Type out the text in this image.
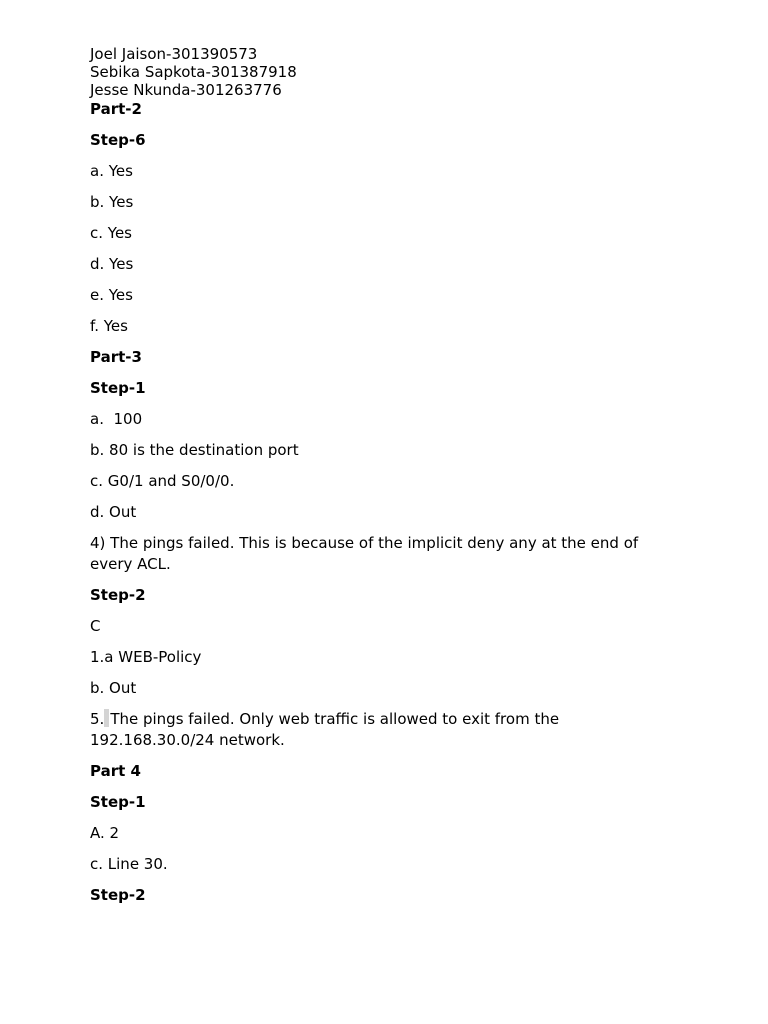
Joel Jaison-301390573

Sebika Sapkota-301387918

Jesse Nkunda-301263776

Part-2

Step-6

a. Yes

b. Yes

c. Yes

d. Yes

e. Yes

f. Yes

Part-3

Step-1

a.  100

b. 80 is the destination port

c. G0/1 and S0/0/0.

d. Out

4) The pings failed. This is because of the implicit deny any at the end of every ACL.

Step-2

C

1.a WEB-Policy

b. Out

5. The pings failed. Only web traffic is allowed to exit from the 192.168.30.0/24 network.

Part 4

Step-1

A. 2

c. Line 30.

Step-2
